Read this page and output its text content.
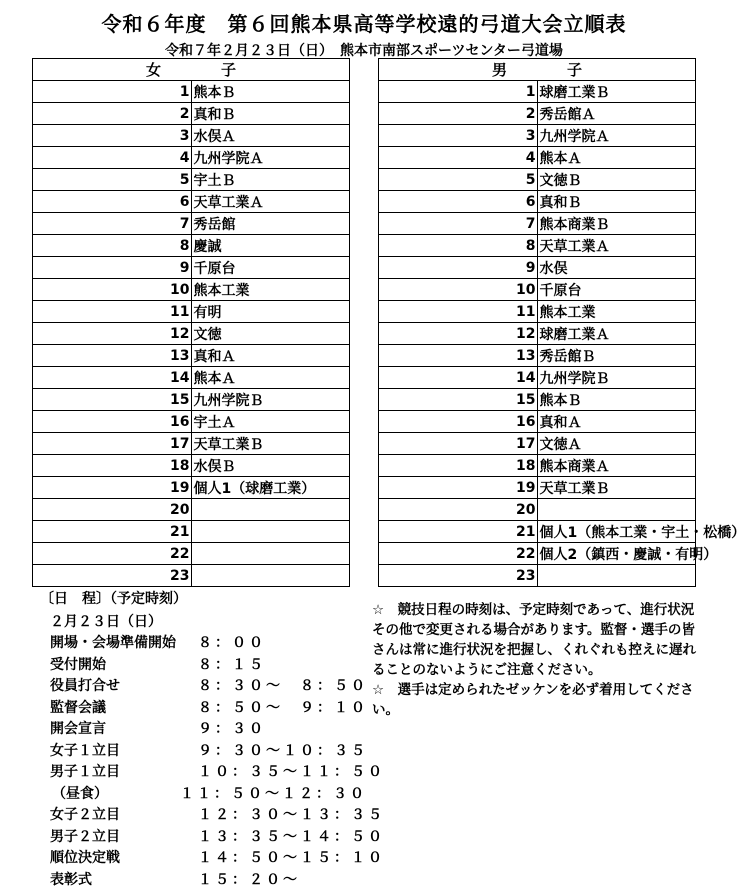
令和６年度　第６回熊本県高等学校遠的弓道大会立順表
令和７年２月２３日（日）　熊本市南部スポーツセンター弓道場
女子	
1	熊本Ｂ
2	真和Ｂ
3	水俣Ａ
4	九州学院Ａ
5	宇土Ｂ
6	天草工業Ａ
7	秀岳館
8	慶誠
9	千原台
10	熊本工業
11	有明
12	文徳
13	真和Ａ
14	熊本Ａ
15	九州学院Ｂ
16	宇土Ａ
17	天草工業Ｂ
18	水俣Ｂ
19	個人1（球磨工業）
20	
21	
22	
23	
男子	
1	球磨工業Ｂ
2	秀岳館Ａ
3	九州学院Ａ
4	熊本Ａ
5	文徳Ｂ
6	真和Ｂ
7	熊本商業Ｂ
8	天草工業Ａ
9	水俣
10	千原台
11	熊本工業
12	球磨工業Ａ
13	秀岳館Ｂ
14	九州学院Ｂ
15	熊本Ｂ
16	真和Ａ
17	文徳Ａ
18	熊本商業Ａ
19	天草工業Ｂ
20	
21	個人1（熊本工業・宇土・松橋）
22	個人2（鎮西・慶誠・有明）
23	
〔日　程〕（予定時刻）
２月２３日（日）
開場・会場準備開始 ８：００
受付開始	８：１５
役員打合せ	８：３０～　８：５０
監督会議	８：５０～　９：１０
開会宣言	９：３０
女子１立目	９：３０～１０：３５
男子１立目	１０：３５～１１：５０
（昼食）	１１：５０～１２：３０
女子２立目	１２：３０～１３：３５
男子２立目	１３：３５～１４：５０
順位決定戦	１４：５０～１５：１０
表彰式	１５：２０～

☆　競技日程の時刻は、予定時刻であって、進行状況その他で変更される場合があります。監督・選手の皆さんは常に進行状況を把握し、くれぐれも控えに遅れることのないようにご注意ください。

☆　選手は定められたゼッケンを必ず着用してください。
